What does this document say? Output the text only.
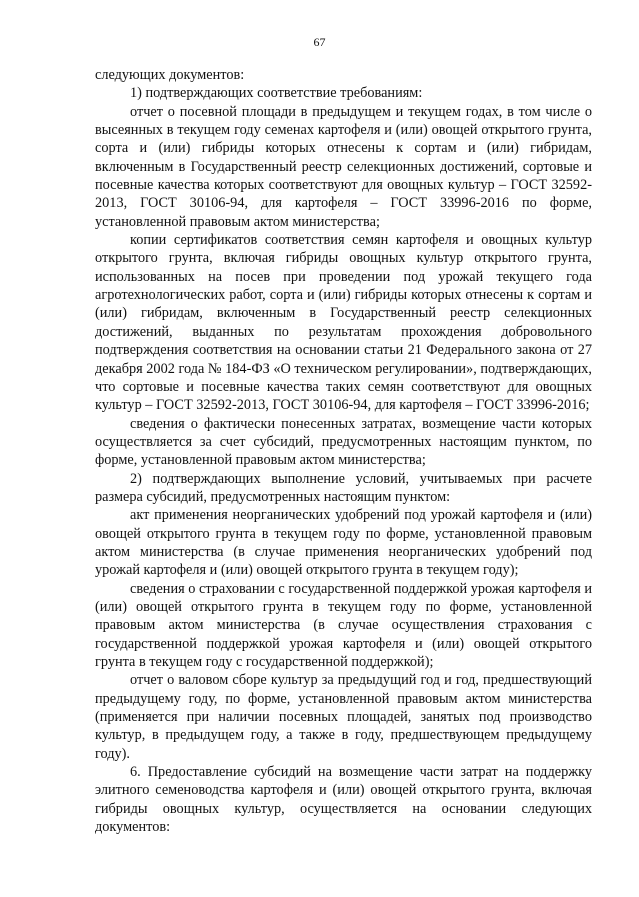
67

следующих документов:

1) подтверждающих соответствие требованиям:

отчет о посевной площади в предыдущем и текущем годах, в том числе о высеянных в текущем году семенах картофеля и (или) овощей открытого грунта, сорта и (или) гибриды которых отнесены к сортам и (или) гибридам, включенным в Государственный реестр селекционных достижений, сортовые и посевные качества которых соответствуют для овощных культур – ГОСТ 32592-2013, ГОСТ 30106-94, для картофеля – ГОСТ 33996-2016 по форме, установленной правовым актом министерства;

копии сертификатов соответствия семян картофеля и овощных культур открытого грунта, включая гибриды овощных культур открытого грунта, использованных на посев при проведении под урожай текущего года агротехнологических работ, сорта и (или) гибриды которых отнесены к сортам и (или) гибридам, включенным в Государственный реестр селекционных достижений, выданных по результатам прохождения добровольного подтверждения соответствия на основании статьи 21 Федерального закона от 27 декабря 2002 года № 184-ФЗ «О техническом регулировании», подтверждающих, что сортовые и посевные качества таких семян соответствуют для овощных культур – ГОСТ 32592-2013, ГОСТ 30106-94, для картофеля – ГОСТ 33996-2016;

сведения о фактически понесенных затратах, возмещение части которых осуществляется за счет субсидий, предусмотренных настоящим пунктом, по форме, установленной правовым актом министерства;

2) подтверждающих выполнение условий, учитываемых при расчете размера субсидий, предусмотренных настоящим пунктом:

акт применения неорганических удобрений под урожай картофеля и (или) овощей открытого грунта в текущем году по форме, установленной правовым актом министерства (в случае применения неорганических удобрений под урожай картофеля и (или) овощей открытого грунта в текущем году);

сведения о страховании с государственной поддержкой урожая картофеля и (или) овощей открытого грунта в текущем году по форме, установленной правовым актом министерства (в случае осуществления страхования с государственной поддержкой урожая картофеля и (или) овощей открытого грунта в текущем году с государственной поддержкой);

отчет о валовом сборе культур за предыдущий год и год, предшествующий предыдущему году, по форме, установленной правовым актом министерства (применяется при наличии посевных площадей, занятых под производство культур, в предыдущем году, а также в году, предшествующем предыдущему году).

6. Предоставление субсидий на возмещение части затрат на поддержку элитного семеноводства картофеля и (или) овощей открытого грунта, включая гибриды овощных культур, осуществляется на основании следующих документов:
